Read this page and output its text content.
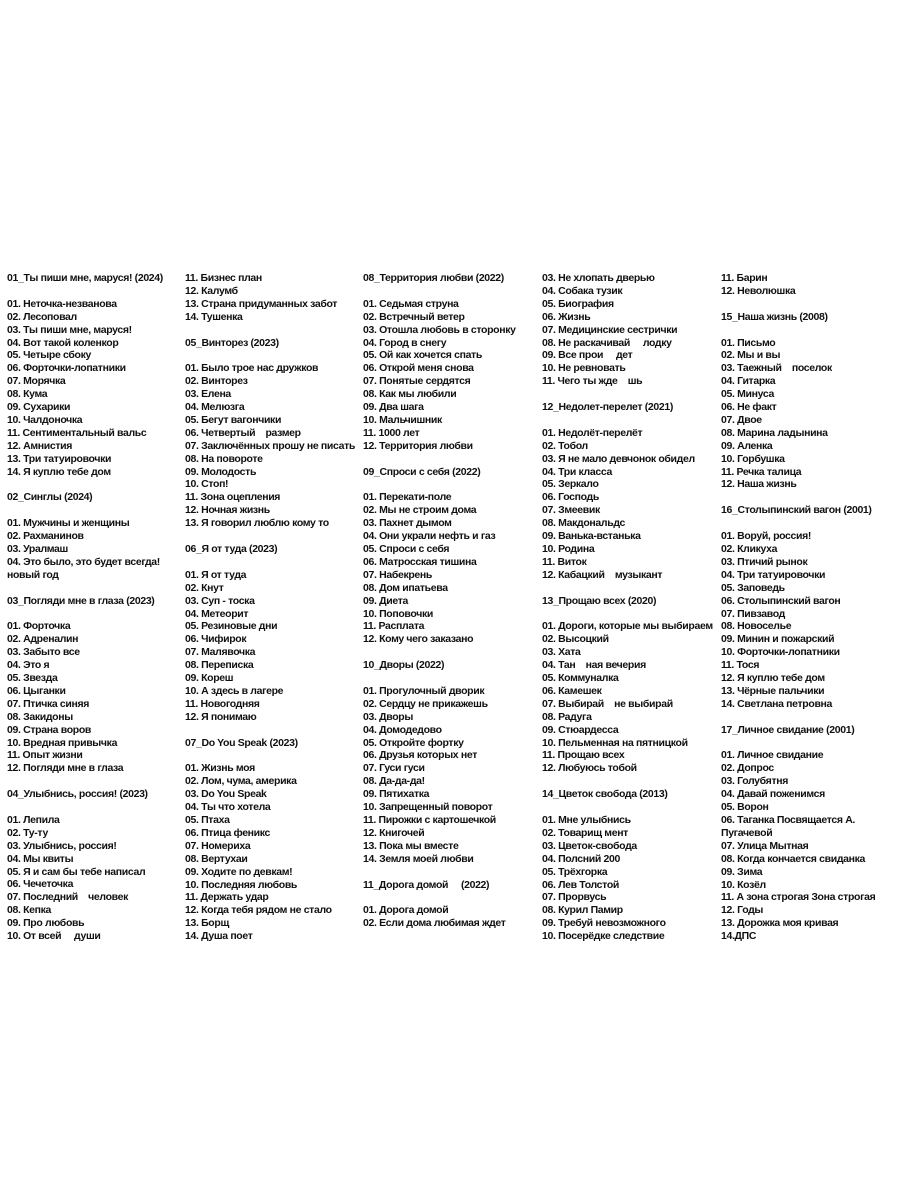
01_Ты пиши мне, маруся! (2024)
01. Неточка-незванова
02. Лесоповал
03. Ты пиши мне, маруся!
04. Вот такой коленкор
05. Четыре сбоку
06. Форточки-лопатники
07. Морячка
08. Кума
09. Сухарики
10. Чалдоночка
11. Сентиментальный вальс
12. Амнистия
13. Три татуировочки
14. Я куплю тебе дом
02_Синглы (2024)
01. Мужчины и женщины
02. Рахманинов
03. Уралмаш
04. Это было, это будет всегда!
новый год
03_Погляди мне в глаза (2023)
01. Форточка
02. Адреналин
03. Забыто все
04. Это я
05. Звезда
06. Цыганки
07. Птичка синяя
08. Закидоны
09. Страна воров
10. Вредная привычка
11. Опыт жизни
12. Погляди мне в глаза
04_Улыбнись, россия! (2023)
01. Лепила
02. Ту-ту
03. Улыбнись, россия!
04. Мы квиты
05. Я и сам бы тебе написал
06. Чечеточка
07. Последний    человек
08. Кепка
09. Про любовь
10. От всей     души
11. Бизнес план
12. Калумб
13. Страна придуманных забот
14. Тушенка
05_Винторез (2023)
01. Было трое нас дружков
02. Винторез
03. Елена
04. Мелюзга
05. Бегут вагончики
06. Четвертый    размер
07. Заключённых прошу не писать
08. На повороте
09. Молодость
10. Стоп!
11. Зона оцепления
12. Ночная жизнь
13. Я говорил люблю кому то
06_Я от туда (2023)
01. Я от туда
02. Кнут
03. Суп - тоска
04. Метеорит
05. Резиновые дни
06. Чифирок
07. Малявочка
08. Переписка
09. Кореш
10. А здесь в лагере
11. Новогодняя
12. Я понимаю
07_Do You Speak (2023)
01. Жизнь моя
02. Лом, чума, америка
03. Do You Speak
04. Ты что хотела
05. Птаха
06. Птица феникс
07. Номериха
08. Вертухаи
09. Ходите по девкам!
10. Последняя любовь
11. Держать удар
12. Когда тебя рядом не стало
13. Борщ
14. Душа поет
08_Территория любви (2022)
01. Седьмая струна
02. Встречный ветер
03. Отошла любовь в сторонку
04. Город в снегу
05. Ой как хочется спать
06. Открой меня снова
07. Понятые сердятся
08. Как мы любили
09. Два шага
10. Мальчишник
11. 1000 лет
12. Территория любви
09_Спроси с себя (2022)
01. Перекати-поле
02. Мы не строим дома
03. Пахнет дымом
04. Они украли нефть и газ
05. Спроси с себя
06. Матросская тишина
07. Набекрень
08. Дом ипатьева
09. Диета
10. Поповочки
11. Расплата
12. Кому чего заказано
10_Дворы (2022)
01. Прогулочный дворик
02. Сердцу не прикажешь
03. Дворы
04. Домодедово
05. Откройте фортку
06. Друзья которых нет
07. Гуси гуси
08. Да-да-да!
09. Пятихатка
10. Запрещенный поворот
11. Пирожки с картошечкой
12. Книгочей
13. Пока мы вместе
14. Земля моей любви
11_Дорога домой     (2022)
01. Дорога домой
02. Если дома любимая ждет
03. Не хлопать дверью
04. Собака тузик
05. Биография
06. Жизнь
07. Медицинские сестрички
08. Не раскачивай     лодку
09. Все прои     дет
10. Не ревновать
11. Чего ты жде    шь
12_Недолет-перелет (2021)
01. Недолёт-перелёт
02. Тобол
03. Я не мало девчонок обидел
04. Три класса
05. Зеркало
06. Господь
07. Змеевик
08. Макдональдс
09. Ванька-встанька
10. Родина
11. Виток
12. Кабацкий    музыкант
13_Прощаю всех (2020)
01. Дороги, которые мы выбираем
02. Высоцкий
03. Хата
04. Тан    ная вечерия
05. Коммуналка
06. Камешек
07. Выбирай    не выбирай
08. Радуга
09. Стюардесса
10. Пельменная на пятницкой
11. Прощаю всех
12. Любуюсь тобой
14_Цветок свобода (2013)
01. Мне улыбнись
02. Товарищ мент
03. Цветок-свобода
04. Полсний 200
05. Трёхгорка
06. Лев Толстой
07. Прорвусь
08. Курил Памир
09. Требуй невозможного
10. Посерёдке следствие
11. Барин
12. Неволюшка
15_Наша жизнь (2008)
01. Письмо
02. Мы и вы
03. Таежный    поселок
04. Гитарка
05. Минуса
06. Не факт
07. Двое
08. Марина ладынина
09. Аленка
10. Горбушка
11. Речка талица
12. Наша жизнь
16_Столыпинский вагон (2001)
01. Воруй, россия!
02. Кликуха
03. Птичий рынок
04. Три татуировочки
05. Заповедь
06. Столыпинский вагон
07. Пивзавод
08. Новоселье
09. Минин и пожарский
10. Форточки-лопатники
11. Тося
12. Я куплю тебе дом
13. Чёрные пальчики
14. Светлана петровна
17_Личное свидание (2001)
01. Личное свидание
02. Допрос
03. Голубятня
04. Давай поженимся
05. Ворон
06. Таганка Посвящается А.
Пугачевой
07. Улица Мытная
08. Когда кончается свиданка
09. Зима
10. Козёл
11. А зона строгая Зона строгая
12. Годы
13. Дорожка моя кривая
14.ДПС
